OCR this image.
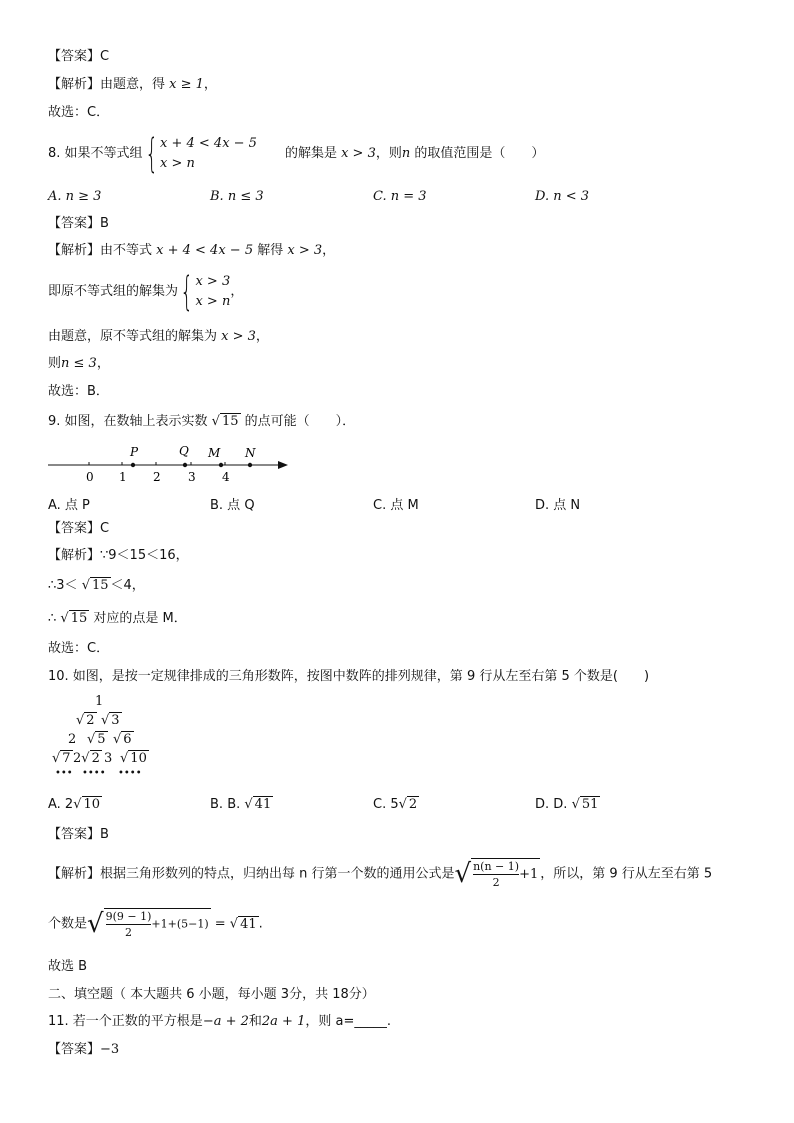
【答案】C
【解析】由题意，得 x ≥ 1，
故选：C．
8. 如果不等式组{ x + 4 < 4x − 5
x > n的解集是 x > 3，则n 的取值范围是（　　）
A. n ≥ 3	B. n ≤ 3	C. n = 3	D. n < 3
【答案】B
【解析】由不等式 x + 4 < 4x − 5 解得 x > 3，
即原不等式组的解集为{ x > 3
x > n，
由题意，原不等式组的解集为 x > 3，
则n ≤ 3，
故选：B．
9. 如图，在数轴上表示实数 √ 15 的点可能（　　）．
0 1 2 3 4
P	Q M N
A. 点 P	B. 点 Q	C. 点 M	D. 点 N
【答案】C
【解析】∵9＜15＜16，
∴3＜ √ 15 ＜4，
∴ √ 15 对应的点是 M．
故选：C．
10. 如图，是按一定规律排成的三角形数阵，按图中数阵的排列规律，第 9 行从左至右第 5 个数是(　　)
1
√ 2 √ 3
2 √ 5 √ 6
√ 7 2√ 2 3 √ 10
••• •••• ••••
A. 2√ 10	B. B. √ 41	C. 5√ 2	D. D. √ 51
【答案】B
【解析】根据三角形数列的特点，归纳出每 n 行第一个数的通用公式是√ $\frac{n(n - 1)}{2} +1$ ，所以，第 9 行从左至右第 5
个数是√ $\frac{9(9 - 1)}{2} +1+(5-1)$ = √ 41 .
故选 B
二、填空题（ 本大题共 6 小题，每小题 3分，共 18分）
11. 若一个正数的平方根是−a + 2和2a + 1，则 a=_____.
【答案】−3
